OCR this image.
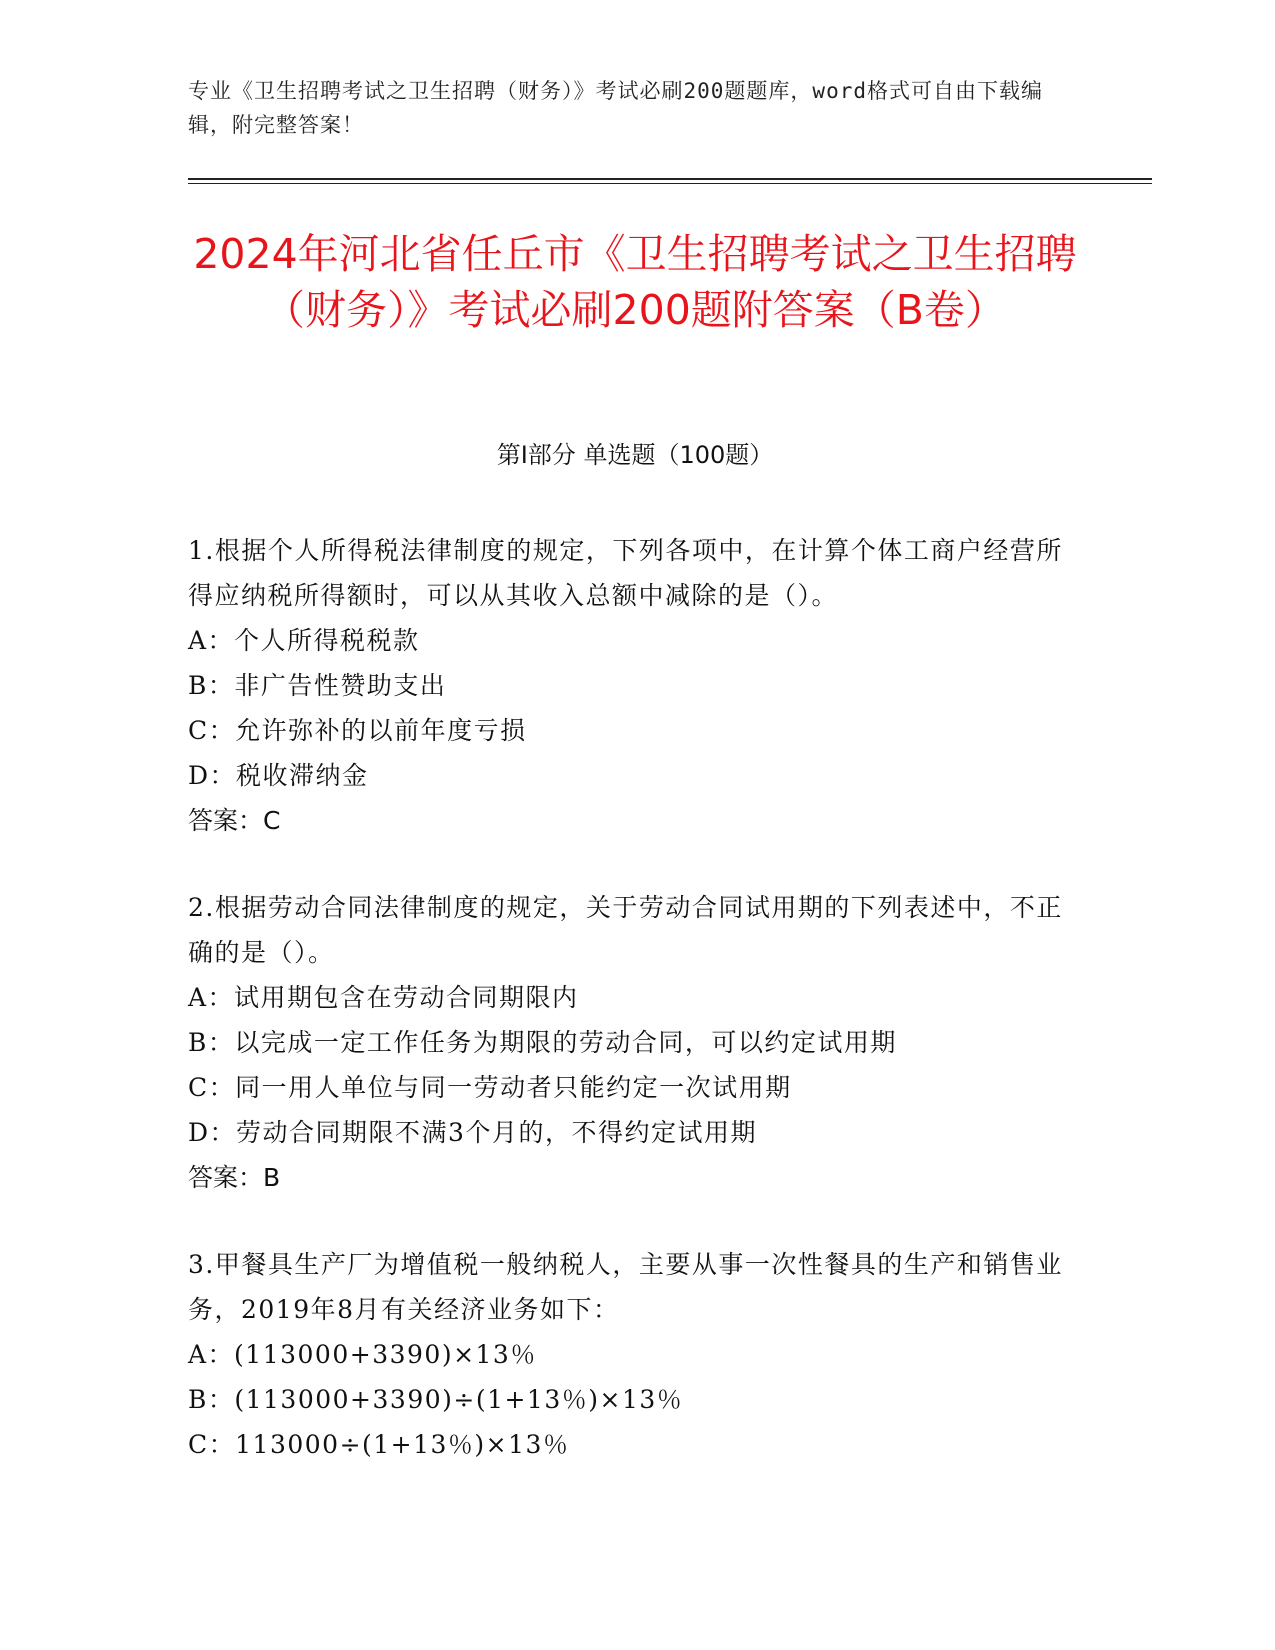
专业《卫生招聘考试之卫生招聘（财务）》考试必刷200题题库，word格式可自由下载编辑，附完整答案！
2024年河北省任丘市《卫生招聘考试之卫生招聘（财务）》考试必刷200题附答案（B卷）
第Ⅰ部分 单选题（100题）
1.根据个人所得税法律制度的规定，下列各项中，在计算个体工商户经营所得应纳税所得额时，可以从其收入总额中减除的是（）。
A：个人所得税税款
B：非广告性赞助支出
C：允许弥补的以前年度亏损
D：税收滞纳金
答案：C
2.根据劳动合同法律制度的规定，关于劳动合同试用期的下列表述中，不正确的是（）。
A：试用期包含在劳动合同期限内
B：以完成一定工作任务为期限的劳动合同，可以约定试用期
C：同一用人单位与同一劳动者只能约定一次试用期
D：劳动合同期限不满3个月的，不得约定试用期
答案：B
3.甲餐具生产厂为增值税一般纳税人，主要从事一次性餐具的生产和销售业务，2019年8月有关经济业务如下：
A：(113000+3390)×13％
B：(113000+3390)÷(1+13％)×13％
C：113000÷(1+13％)×13％
